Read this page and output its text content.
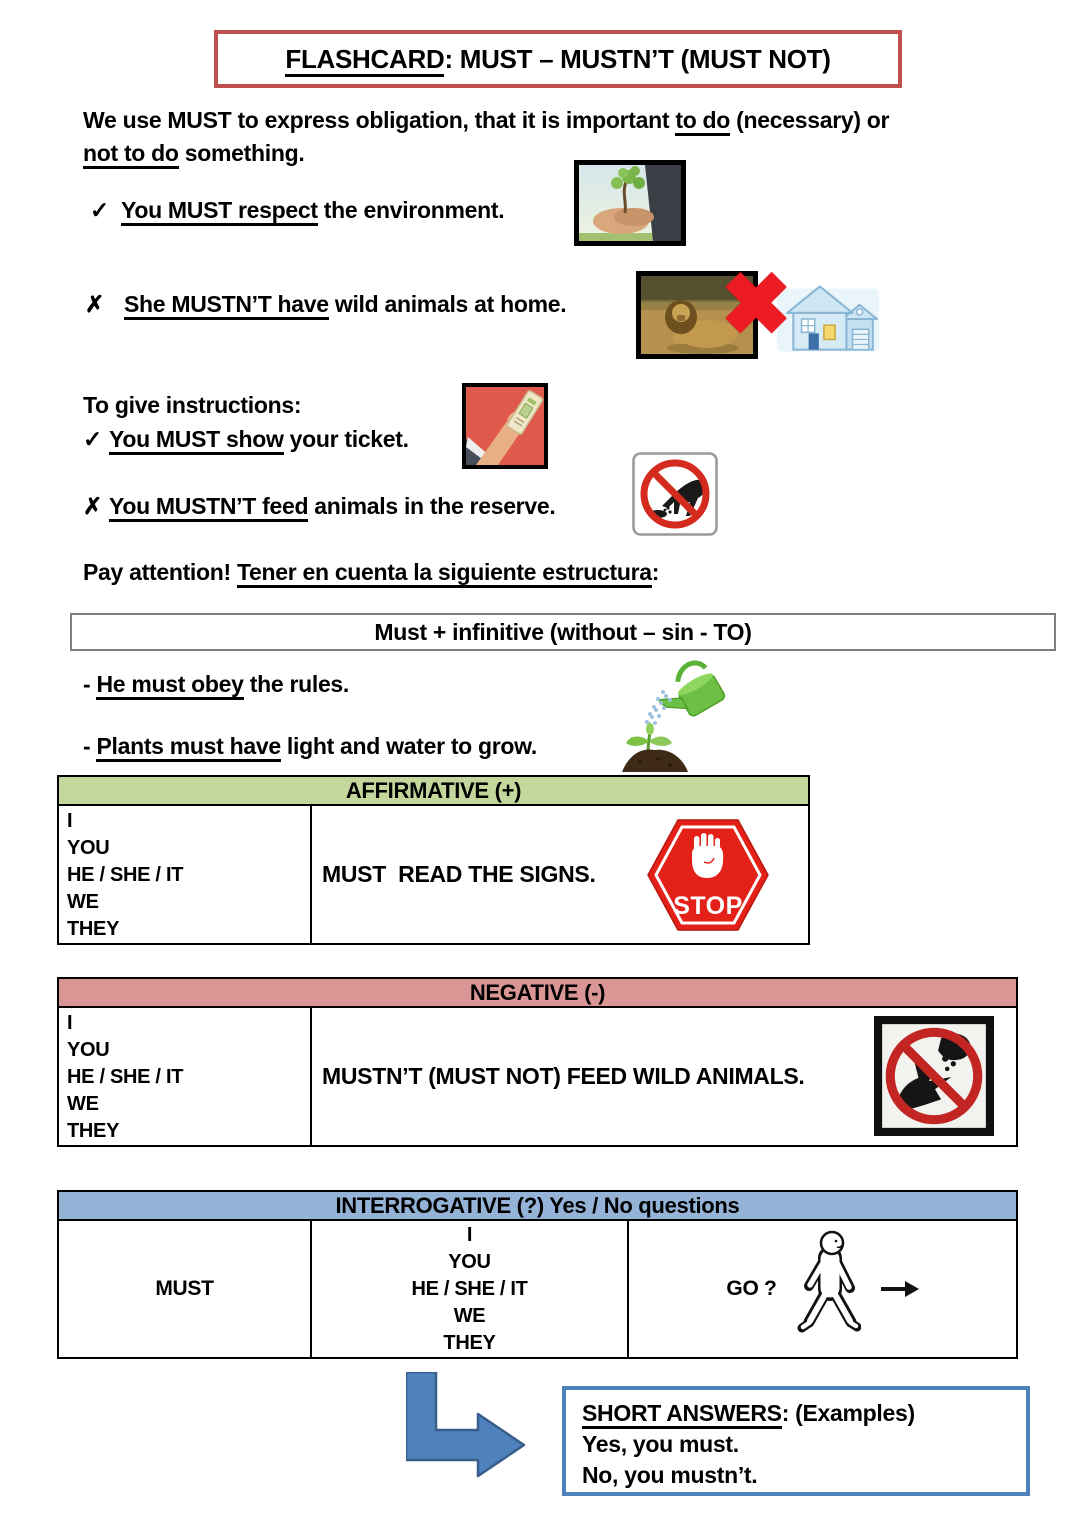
FLASHCARD: MUST – MUSTN’T (MUST NOT)
We use MUST to express obligation, that it is important to do (necessary) or
not to do something.
✓ You MUST respect the environment.
✗ She MUSTN’T have wild animals at home. ✖
To give instructions:
✓ You MUST show your ticket.
✗ You MUSTN’T feed animals in the reserve.
Pay attention! Tener en cuenta la siguiente estructura:
Must + infinitive (without – sin - TO)
- He must obey the rules.
- Plants must have light and water to grow.
AFFIRMATIVE (+)
I
YOU
HE / SHE / IT
WE
THEY
MUST  READ THE SIGNS.
STOP
NEGATIVE (-)
I
YOU
HE / SHE / IT
WE
THEY
MUSTN’T (MUST NOT) FEED WILD ANIMALS.
INTERROGATIVE (?) Yes / No questions
MUST
I
YOU
HE / SHE / IT
WE
THEY
GO ?
SHORT ANSWERS: (Examples)
Yes, you must.
No, you mustn’t.
